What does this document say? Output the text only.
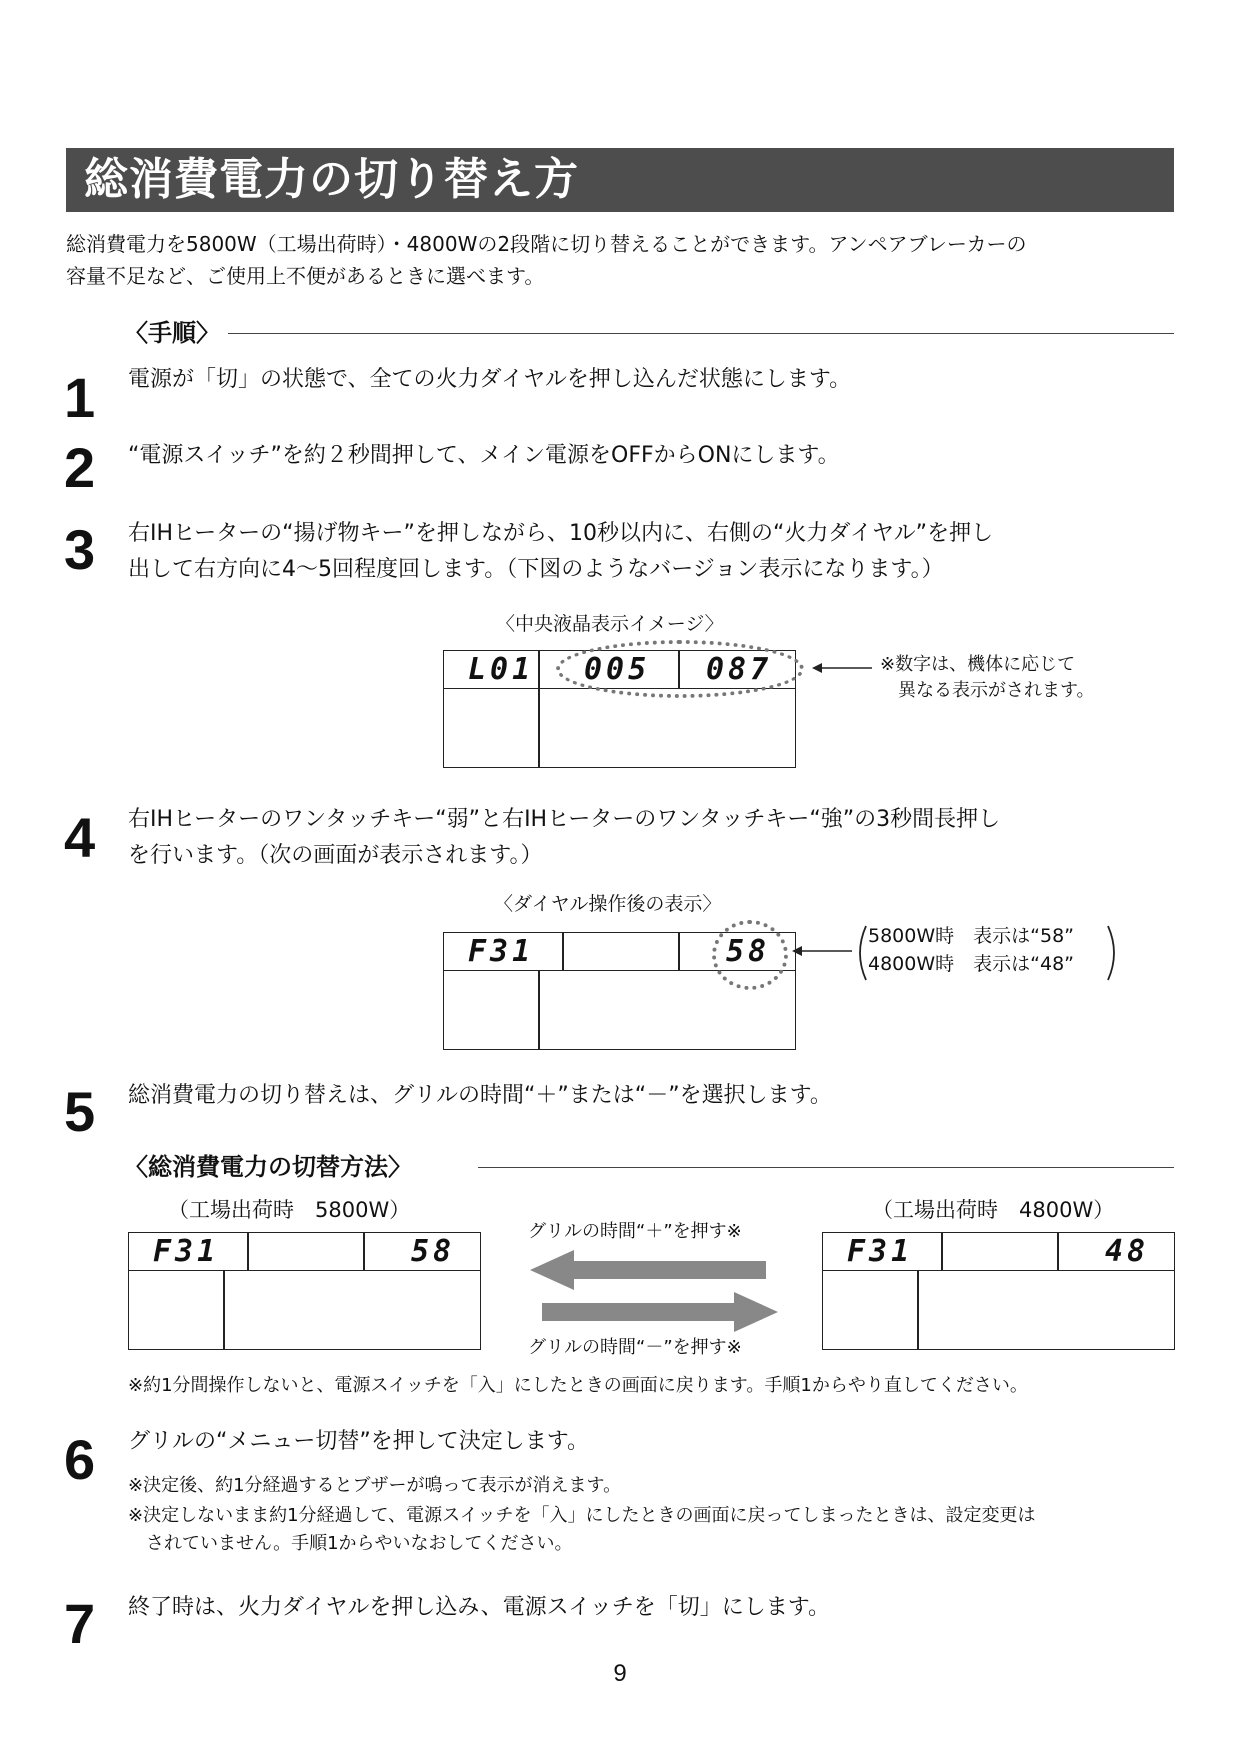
総消費電力の切り替え方
総消費電力を5800W（工場出荷時）・4800Wの2段階に切り替えることができます。アンペアブレーカーの
容量不足など、ご使用上不便があるときに選べます。
〈手順〉
1 電源が「切」の状態で、全ての火力ダイヤルを押し込んだ状態にします。
2 “電源スイッチ”を約２秒間押して、メイン電源をOFFからONにします。
3 右IHヒーターの“揚げ物キー”を押しながら、10秒以内に、右側の“火力ダイヤル”を押し
出して右方向に4～5回程度回します。（下図のようなバージョン表示になります。）
〈中央液晶表示イメージ〉
L01 005	087	※数字は、機体に応じて
異なる表示がされます。
4 右IHヒーターのワンタッチキー“弱”と右IHヒーターのワンタッチキー“強”の3秒間長押し
を行います。（次の画面が表示されます。）
〈ダイヤル操作後の表示〉
F31	58	5800W時　表示は“58”
4800W時　表示は“48”
5 総消費電力の切り替えは、グリルの時間“＋”または“－”を選択します。
〈総消費電力の切替方法〉
（工場出荷時　5800W）
F31	58
グリルの時間“＋”を押す※
グリルの時間“－”を押す※
（工場出荷時　4800W）
F31	48
※約1分間操作しないと、電源スイッチを「入」にしたときの画面に戻ります。手順1からやり直してください。
6 グリルの“メニュー切替”を押して決定します。
※決定後、約1分経過するとブザーが鳴って表示が消えます。
※決定しないまま約1分経過して、電源スイッチを「入」にしたときの画面に戻ってしまったときは、設定変更は
されていません。手順1からやいなおしてください。
7 終了時は、火力ダイヤルを押し込み、電源スイッチを「切」にします。
9
